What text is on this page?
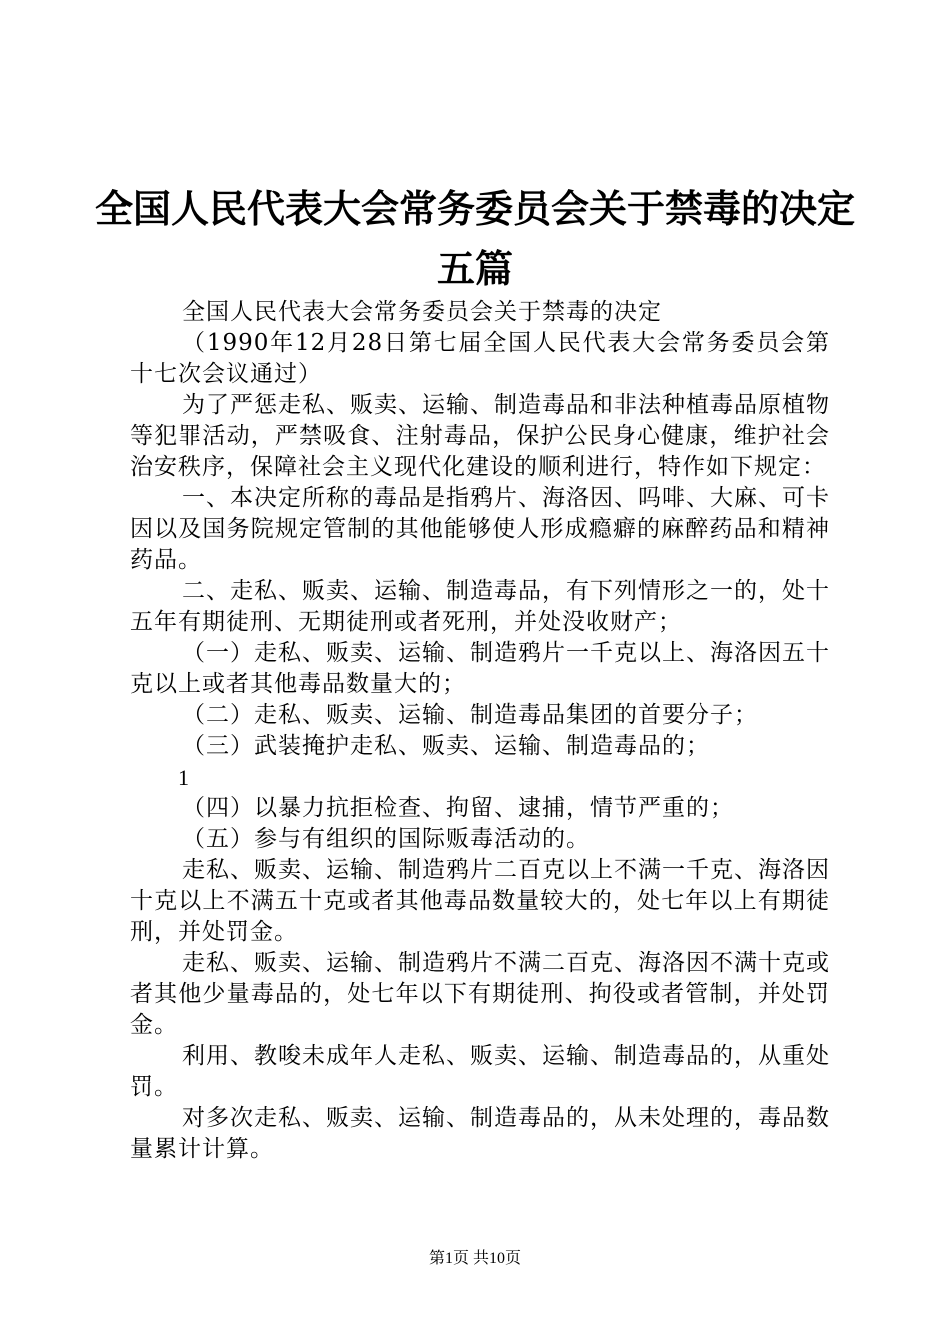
全国人民代表大会常务委员会关于禁毒的决定
五篇

全国人民代表大会常务委员会关于禁毒的决定

（1990年12月28日第七届全国人民代表大会常务委员会第十七次会议通过）

为了严惩走私、贩卖、运输、制造毒品和非法种植毒品原植物等犯罪活动，严禁吸食、注射毒品，保护公民身心健康，维护社会治安秩序，保障社会主义现代化建设的顺利进行，特作如下规定：

一、本决定所称的毒品是指鸦片、海洛因、吗啡、大麻、可卡因以及国务院规定管制的其他能够使人形成瘾癖的麻醉药品和精神药品。

二、走私、贩卖、运输、制造毒品，有下列情形之一的，处十五年有期徒刑、无期徒刑或者死刑，并处没收财产；

（一）走私、贩卖、运输、制造鸦片一千克以上、海洛因五十克以上或者其他毒品数量大的；

（二）走私、贩卖、运输、制造毒品集团的首要分子；

（三）武装掩护走私、贩卖、运输、制造毒品的；

1

（四）以暴力抗拒检查、拘留、逮捕，情节严重的；

（五）参与有组织的国际贩毒活动的。

走私、贩卖、运输、制造鸦片二百克以上不满一千克、海洛因十克以上不满五十克或者其他毒品数量较大的，处七年以上有期徒刑，并处罚金。

走私、贩卖、运输、制造鸦片不满二百克、海洛因不满十克或者其他少量毒品的，处七年以下有期徒刑、拘役或者管制，并处罚金。

利用、教唆未成年人走私、贩卖、运输、制造毒品的，从重处罚。

对多次走私、贩卖、运输、制造毒品的，从未处理的，毒品数量累计计算。

第1页 共10页
